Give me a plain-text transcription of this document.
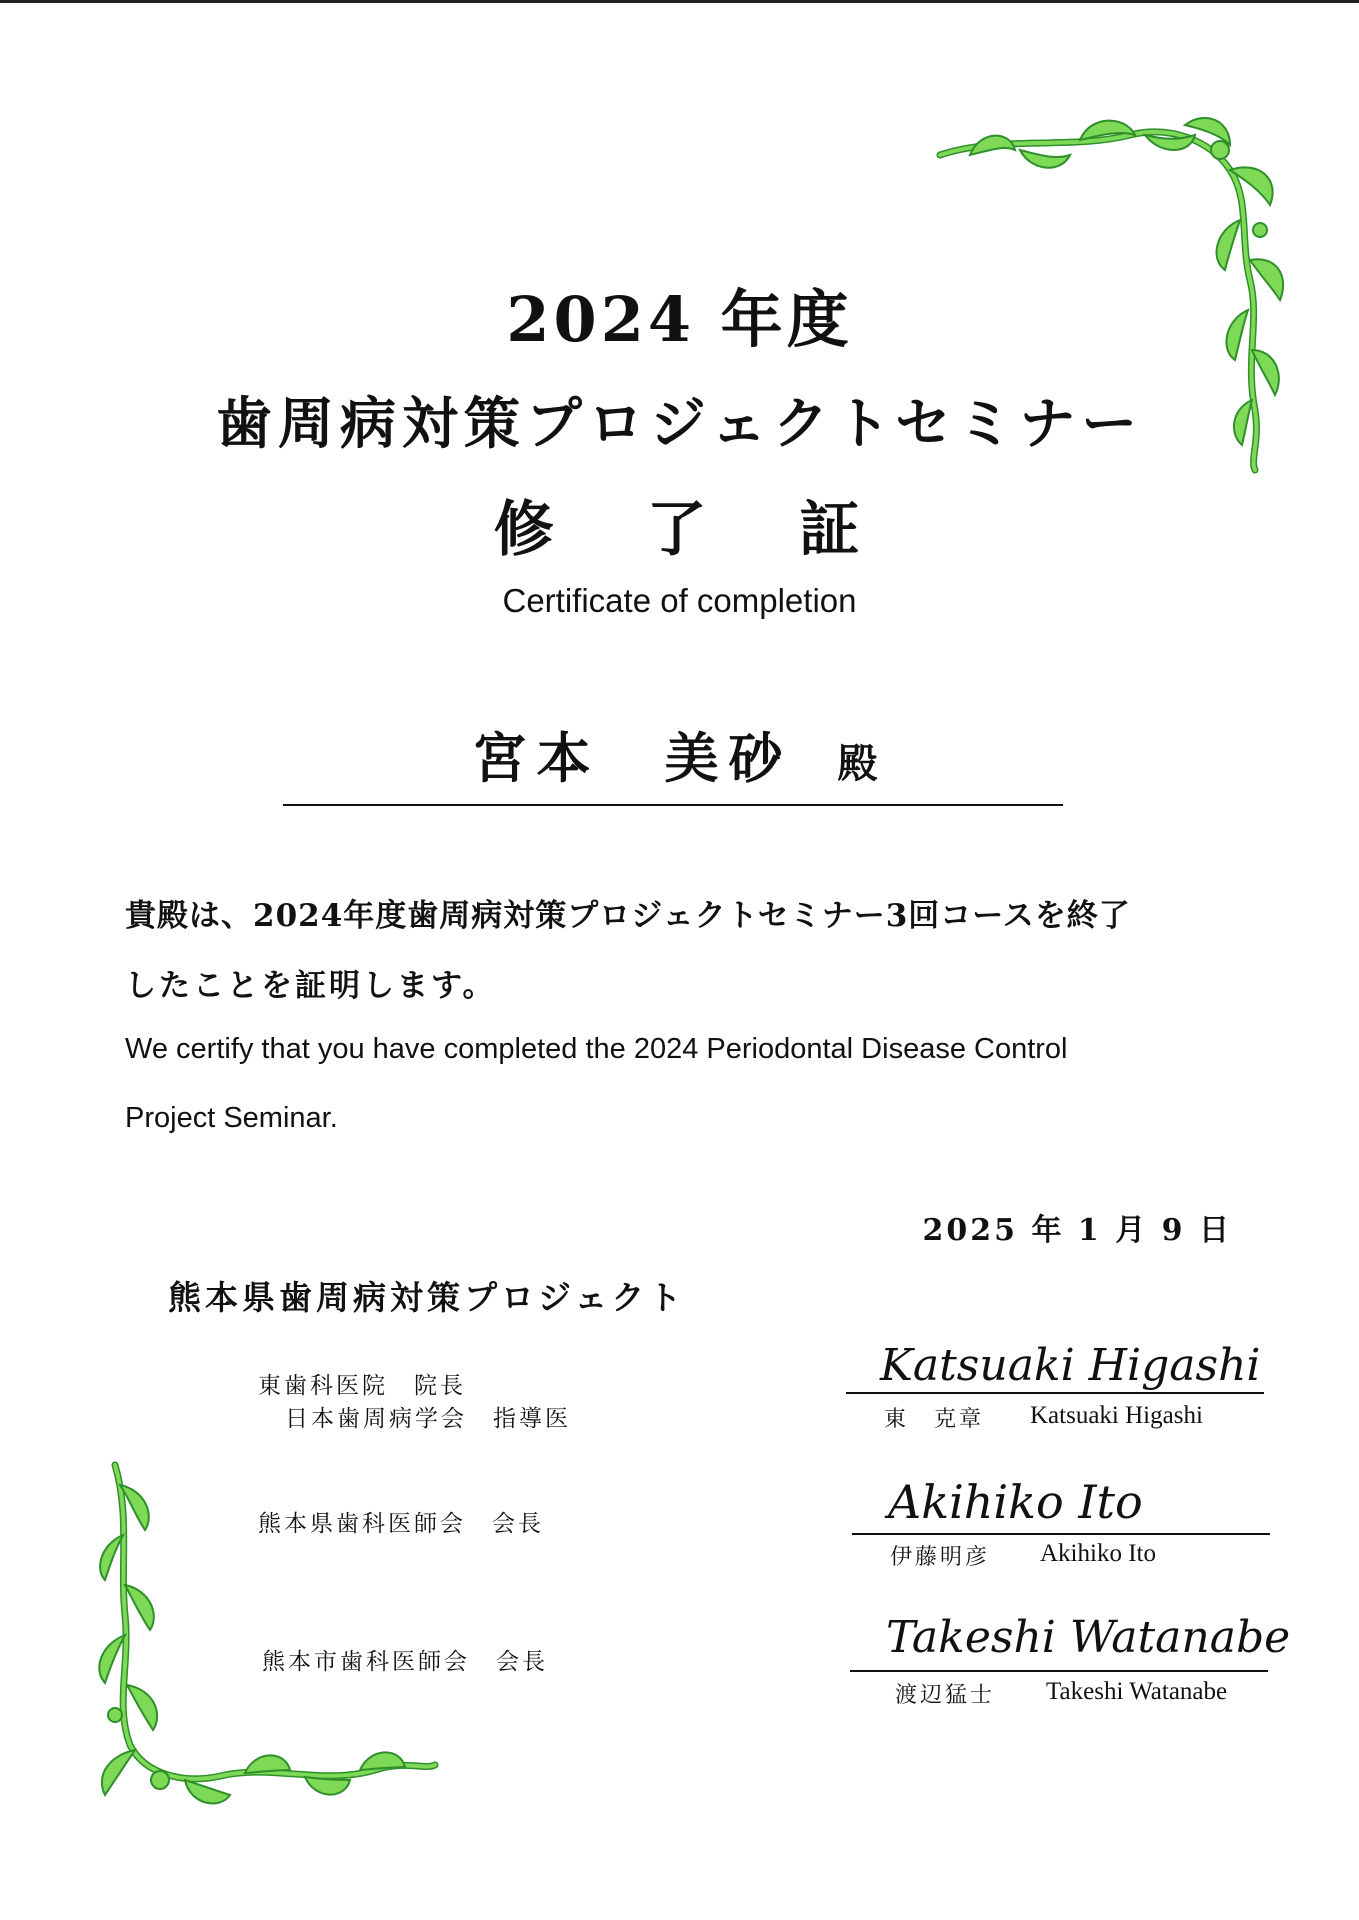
2024 年度
歯周病対策プロジェクトセミナー
修 了 証
Certificate of completion
宮本　美砂 殿
貴殿は、2024年度歯周病対策プロジェクトセミナー3回コースを終了
したことを証明します。
We certify that you have completed the 2024 Periodontal Disease Control
Project Seminar.
2025 年 1 月 9 日
熊本県歯周病対策プロジェクト
東歯科医院　院長
日本歯周病学会　指導医
Katsuaki Higashi
東　克章 Katsuaki Higashi
熊本県歯科医師会　会長	Akihiko Ito
伊藤明彦 Akihiko Ito
熊本市歯科医師会　会長	Takeshi Watanabe
渡辺猛士 Takeshi Watanabe
